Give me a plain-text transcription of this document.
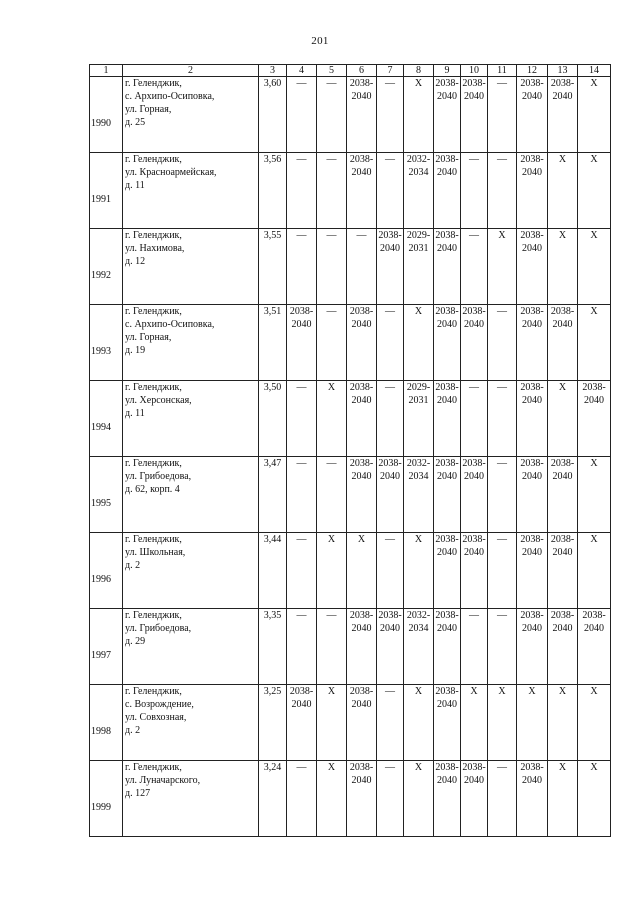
201
1	2	3	4	5	6	7	8	9	10	11	12	13	14

1990	г. Геленджик,
с. Архипо-Осиповка,
ул. Горная,
д. 25	3,60	—	—	2038-
2040	—	X	2038-
2040	2038-
2040	—	2038-
2040	2038-
2040	X

1991	г. Геленджик,
ул. Красноармейская,
д. 11	3,56	—	—	2038-
2040	—	2032-
2034	2038-
2040	—	—	2038-
2040	X	X

1992	г. Геленджик,
ул. Нахимова,
д. 12	3,55	—	—	—	2038-
2040	2029-
2031	2038-
2040	—	X	2038-
2040	X	X

1993	г. Геленджик,
с. Архипо-Осиповка,
ул. Горная,
д. 19	3,51	2038-
2040	—	2038-
2040	—	X	2038-
2040	2038-
2040	—	2038-
2040	2038-
2040	X

1994	г. Геленджик,
ул. Херсонская,
д. 11	3,50	—	X	2038-
2040	—	2029-
2031	2038-
2040	—	—	2038-
2040	X	2038-
2040

1995	г. Геленджик,
ул. Грибоедова,
д. 62, корп. 4	3,47	—	—	2038-
2040	2038-
2040	2032-
2034	2038-
2040	2038-
2040	—	2038-
2040	2038-
2040	X

1996	г. Геленджик,
ул. Школьная,
д. 2	3,44	—	X	X	—	X	2038-
2040	2038-
2040	—	2038-
2040	2038-
2040	X

1997	г. Геленджик,
ул. Грибоедова,
д. 29	3,35	—	—	2038-
2040	2038-
2040	2032-
2034	2038-
2040	—	—	2038-
2040	2038-
2040	2038-
2040

1998	г. Геленджик,
с. Возрождение,
ул. Совхозная,
д. 2	3,25	2038-
2040	X	2038-
2040	—	X	2038-
2040	X	X	X	X	X

1999	г. Геленджик,
ул. Луначарского,
д. 127	3,24	—	X	2038-
2040	—	X	2038-
2040	2038-
2040	—	2038-
2040	X	X
